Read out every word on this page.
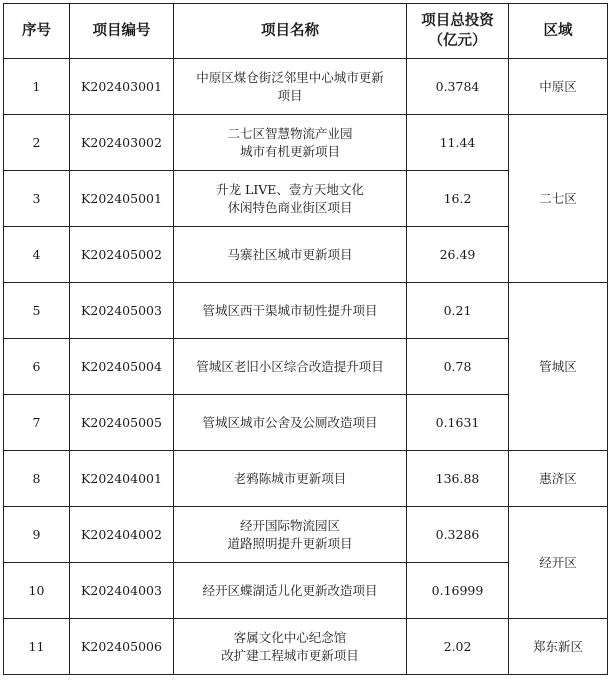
序号	项目编号	项目名称	项目总投资
（亿元）	区域
1	K202403001	中原区煤仓街泛邻里中心城市更新
项目	0.3784	中原区
2	K202403002	二七区智慧物流产业园
城市有机更新项目	11.44	二七区
3	K202405001	升龙 LIVE、壹方天地文化
休闲特色商业街区项目	16.2	
4	K202405002	马寨社区城市更新项目	26.49	
5	K202405003	管城区西干渠城市韧性提升项目	0.21	管城区
6	K202405004	管城区老旧小区综合改造提升项目	0.78	
7	K202405005	管城区城市公舍及公厕改造项目	0.1631	
8	K202404001	老鸦陈城市更新项目	136.88	惠济区
9	K202404002	经开国际物流园区
道路照明提升更新项目	0.3286	经开区
10	K202404003	经开区蝶湖适儿化更新改造项目	0.16999	
11	K202405006	客属文化中心纪念馆
改扩建工程城市更新项目	2.02	郑东新区
